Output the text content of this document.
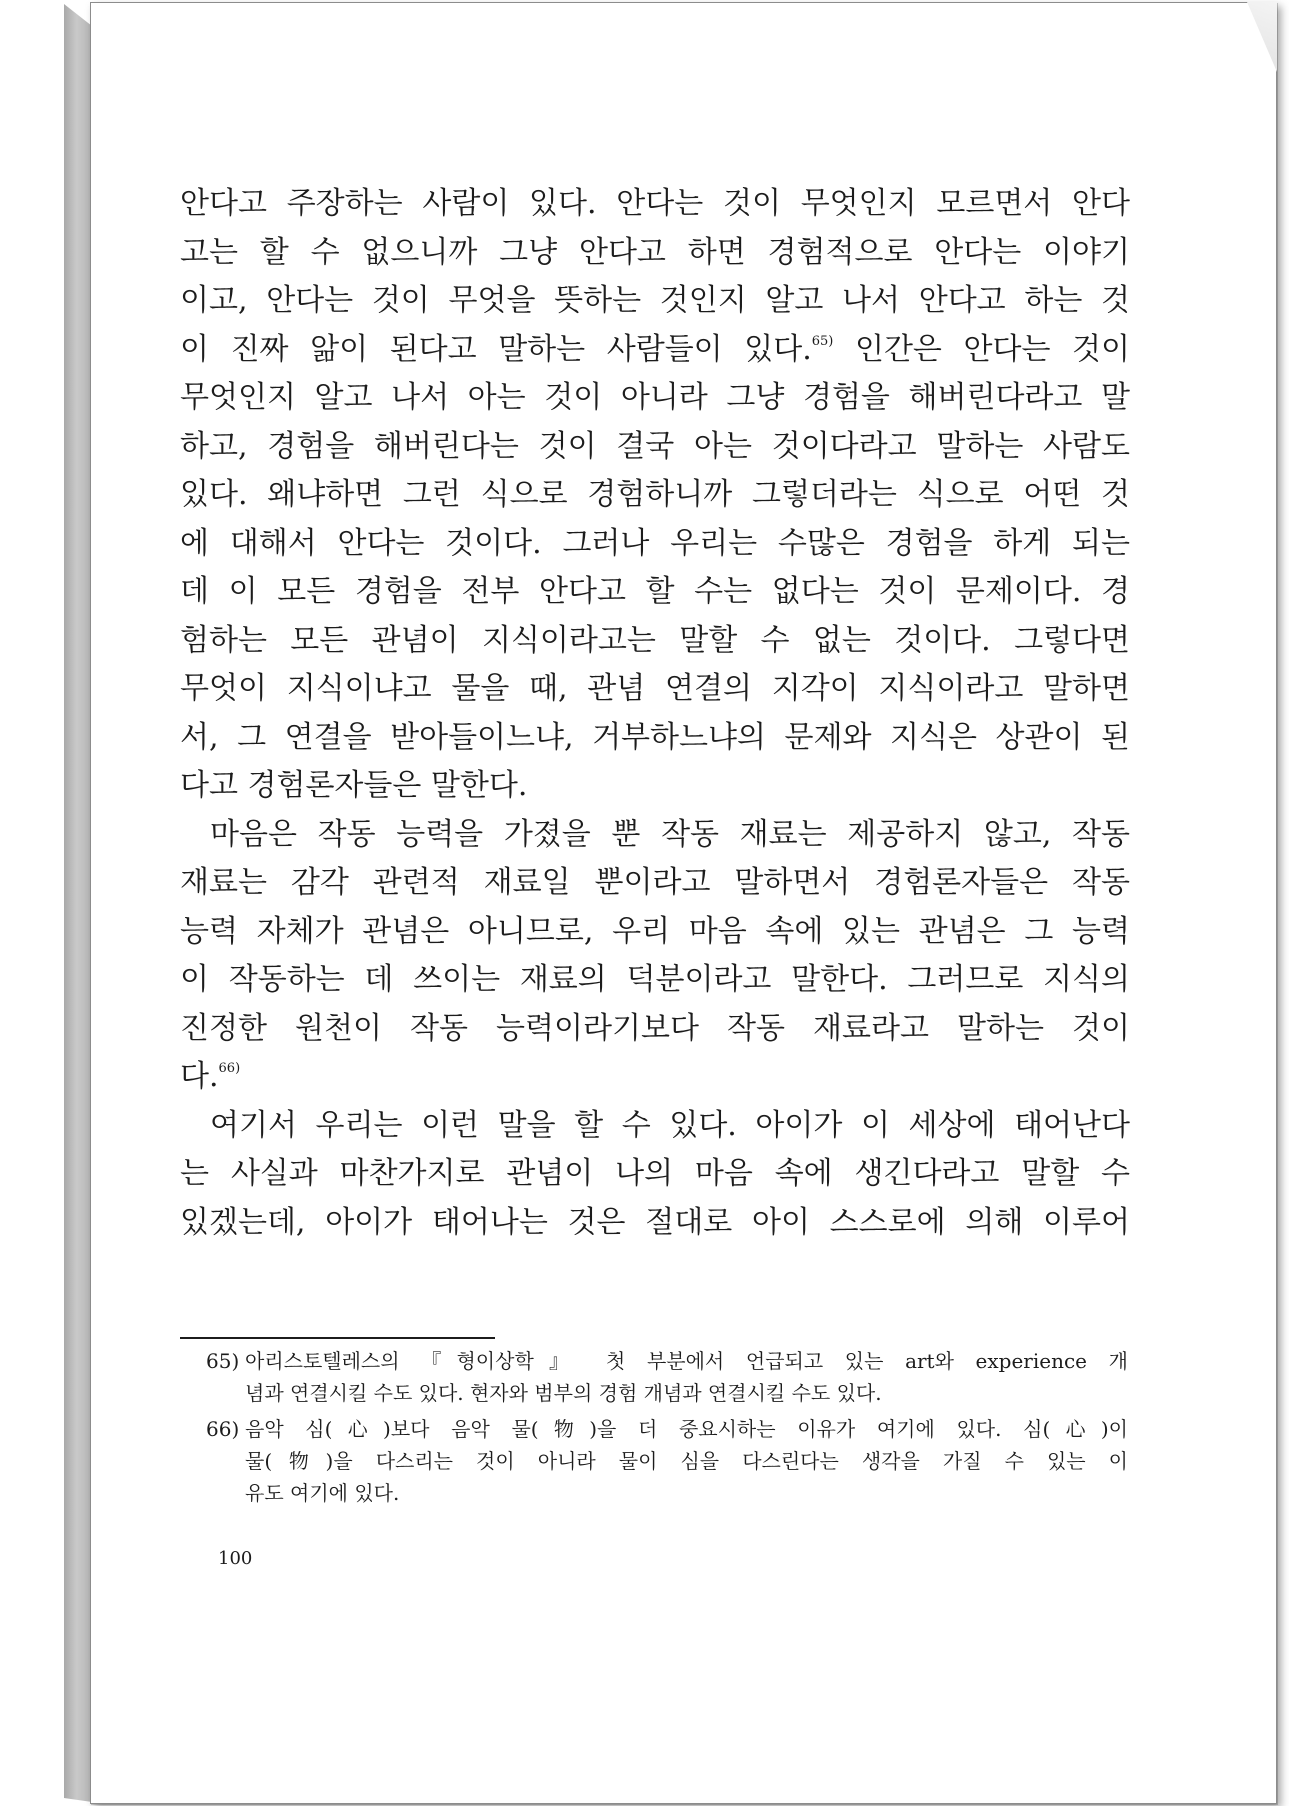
안다고 주장하는 사람이 있다. 안다는 것이 무엇인지 모르면서 안다
고는 할 수 없으니까 그냥 안다고 하면 경험적으로 안다는 이야기
이고, 안다는 것이 무엇을 뜻하는 것인지 알고 나서 안다고 하는 것
이 진짜 앎이 된다고 말하는 사람들이 있다.$^{65)}$ 인간은 안다는 것이
무엇인지 알고 나서 아는 것이 아니라 그냥 경험을 해버린다라고 말
하고, 경험을 해버린다는 것이 결국 아는 것이다라고 말하는 사람도
있다. 왜냐하면 그런 식으로 경험하니까 그렇더라는 식으로 어떤 것
에 대해서 안다는 것이다. 그러나 우리는 수많은 경험을 하게 되는
데 이 모든 경험을 전부 안다고 할 수는 없다는 것이 문제이다. 경
험하는 모든 관념이 지식이라고는 말할 수 없는 것이다. 그렇다면
무엇이 지식이냐고 물을 때, 관념 연결의 지각이 지식이라고 말하면
서, 그 연결을 받아들이느냐, 거부하느냐의 문제와 지식은 상관이 된
다고 경험론자들은 말한다.
마음은 작동 능력을 가졌을 뿐 작동 재료는 제공하지 않고, 작동
재료는 감각 관련적 재료일 뿐이라고 말하면서 경험론자들은 작동
능력 자체가 관념은 아니므로, 우리 마음 속에 있는 관념은 그 능력
이 작동하는 데 쓰이는 재료의 덕분이라고 말한다. 그러므로 지식의
진정한 원천이 작동 능력이라기보다 작동 재료라고 말하는 것이
다.$^{66)}$
여기서 우리는 이런 말을 할 수 있다. 아이가 이 세상에 태어난다
는 사실과 마찬가지로 관념이 나의 마음 속에 생긴다라고 말할 수
있겠는데, 아이가 태어나는 것은 절대로 아이 스스로에 의해 이루어
65) 아리스토텔레스의 『형이상학』 첫 부분에서 언급되고 있는 art와 experience 개
념과 연결시킬 수도 있다. 현자와 범부의 경험 개념과 연결시킬 수도 있다.
66) 음악 심(心)보다 음악 물(物)을 더 중요시하는 이유가 여기에 있다. 심(心)이
물(物)을 다스리는 것이 아니라 물이 심을 다스린다는 생각을 가질 수 있는 이
유도 여기에 있다.
100
